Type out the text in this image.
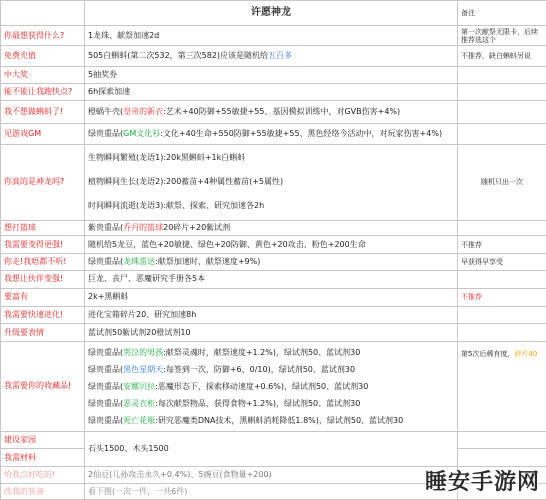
	许愿神龙	备注
你最想获得什么?	1龙珠、献祭加速2d	第一次献祭无限卡，后续推荐选这个
免费充值	505白蝌蚪(第二次532，第三次582)应该是随机给五百多	不推荐，缺白蝌蚪另说
中大奖	5抽奖券	
能不能让我跑快点?	6h探索加速	
我不想做蝌蚪了!	橙蜗牛壳(皇帝的新衣:艺术+40防御+55敏捷+55、基因模拟训练中，对GVB伤害+4%)	
见游戏GM	绿贵重品(GM文化衫:文化+40生命+550防御+55敏捷+55、黑色经络今活动中，对玩家伤害+4%)	
你真的是神龙吗?	生物瞬间繁殖(龙语1):20k黑蝌蚪+1k白蝌蚪
植物瞬间生长(龙语2):200蓄苗+4种属性蓄苗(+5属性)
时间瞬间流逝(龙语3):献祭、探索、研究加速各2h	随机只出一次
想打篮球	紫贵重品(乔丹的篮球20碎片+20紫试剂	
我需要变得更强!	随机给5龙豆，蓝色+20敏捷、绿色+20防御、黄色+20攻击、粉色+200生命	不推荐
你走!我唔都不听!	绿贵重品(龙珠雷达:献祭加速时，献祭速度+9%)	早获得早享受
我想让伙伴变强!	巨龙、丧尸、恶魔研究手册各5本	
要富有	2k+黑蝌蚪	不推荐
我需要快速进化!	进化宝箱碎片20、研究加速8h	
升级要表情	蓝试剂50紫试剂20橙试剂10	
我需要你的收藏品!	绿贵重品(哭泣的男孩:献祭灵魂时，献祭速度+1.2%)，绿试剂50、蓝试剂30
绿贵重品(黑色星期天:每签到一次，防御+6、0/10)，绿试剂50、蓝试剂30
绿贵重品(安娜贝拉:恶魔形态下，探索移动速度+0.6%)，绿试剂50、蓝试剂30
绿贵重品(恶灵衣柜:每次献祭物品、获得食物+1.2%)，绿试剂50、蓝试剂30
绿贵重品(死亡花瓶:研究恶魔类DNA技术，黑蝌蚪消耗降低1.8%)，绿试剂50、蓝试剂30	第5次后稀有度，碎片40
建设家园	石头1500、木头1500	
我需材料		
给我点好吃的!	2仙豆(儿孙攻击永久+0.4%)、5豌豆(食物量+200)	
改我的装备	看下图(一次一件，一共6件)		睡安手游网
